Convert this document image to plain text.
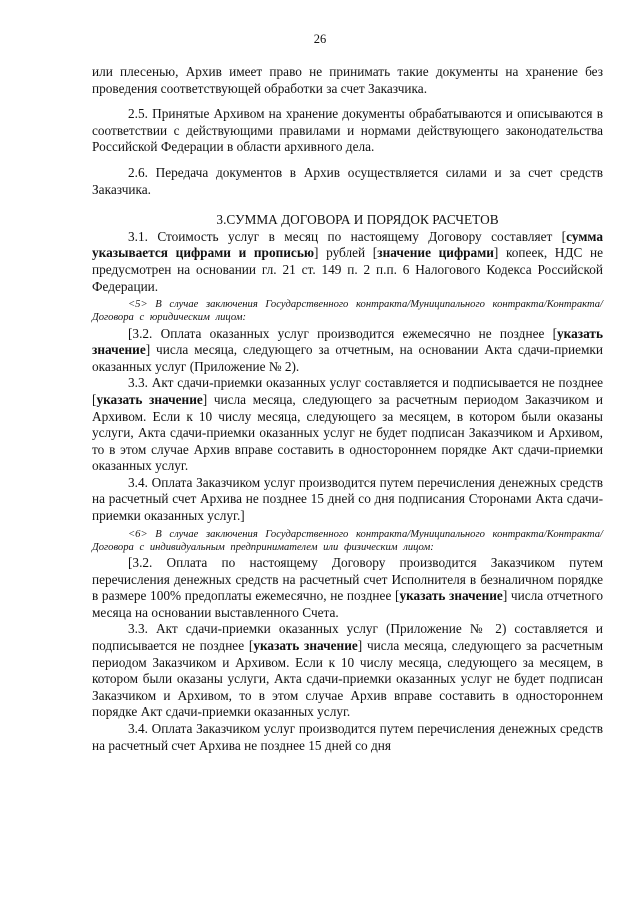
26

или плесенью, Архив имеет право не принимать такие документы на хранение без проведения соответствующей обработки за счет Заказчика.

2.5. Принятые Архивом на хранение документы обрабатываются и описываются в соответствии с действующими правилами и нормами действующего законодательства Российской Федерации в области архивного дела.

2.6. Передача документов в Архив осуществляется силами и за счет средств Заказчика.

3.СУММА ДОГОВОРА И ПОРЯДОК РАСЧЕТОВ

3.1. Стоимость услуг в месяц по настоящему Договору составляет [сумма указывается цифрами и прописью] рублей [значение цифрами] копеек, НДС не предусмотрен на основании гл. 21 ст. 149 п. 2 п.п. 6 Налогового Кодекса Российской Федерации.

<5> В случае заключения Государственного контракта/Муниципального контракта/Контракта/Договора с юридическим лицом:

[3.2. Оплата оказанных услуг производится ежемесячно не позднее [указать значение] числа месяца, следующего за отчетным, на основании Акта сдачи-приемки оказанных услуг (Приложение № 2).

3.3. Акт сдачи-приемки оказанных услуг составляется и подписывается не позднее [указать значение] числа месяца, следующего за расчетным периодом Заказчиком и Архивом. Если к 10 числу месяца, следующего за месяцем, в котором были оказаны услуги, Акта сдачи-приемки оказанных услуг не будет подписан Заказчиком и Архивом, то в этом случае Архив вправе составить в одностороннем порядке Акт сдачи-приемки оказанных услуг.

3.4. Оплата Заказчиком услуг производится путем перечисления денежных средств на расчетный счет Архива не позднее 15 дней со дня подписания Сторонами Акта сдачи-приемки оказанных услуг.]

<6> В случае заключения Государственного контракта/Муниципального контракта/Контракта/Договора с индивидуальным предпринимателем или физическим лицом:

[3.2. Оплата по настоящему Договору производится Заказчиком путем перечисления денежных средств на расчетный счет Исполнителя в безналичном порядке в размере 100% предоплаты ежемесячно, не позднее [указать значение] числа отчетного месяца на основании выставленного Счета.

3.3. Акт сдачи-приемки оказанных услуг (Приложение № 2) составляется и подписывается не позднее [указать значение] числа месяца, следующего за расчетным периодом Заказчиком и Архивом. Если к 10 числу месяца, следующего за месяцем, в котором были оказаны услуги, Акта сдачи-приемки оказанных услуг не будет подписан Заказчиком и Архивом, то в этом случае Архив вправе составить в одностороннем порядке Акт сдачи-приемки оказанных услуг.

3.4. Оплата Заказчиком услуг производится путем перечисления денежных средств на расчетный счет Архива не позднее 15 дней со дня
